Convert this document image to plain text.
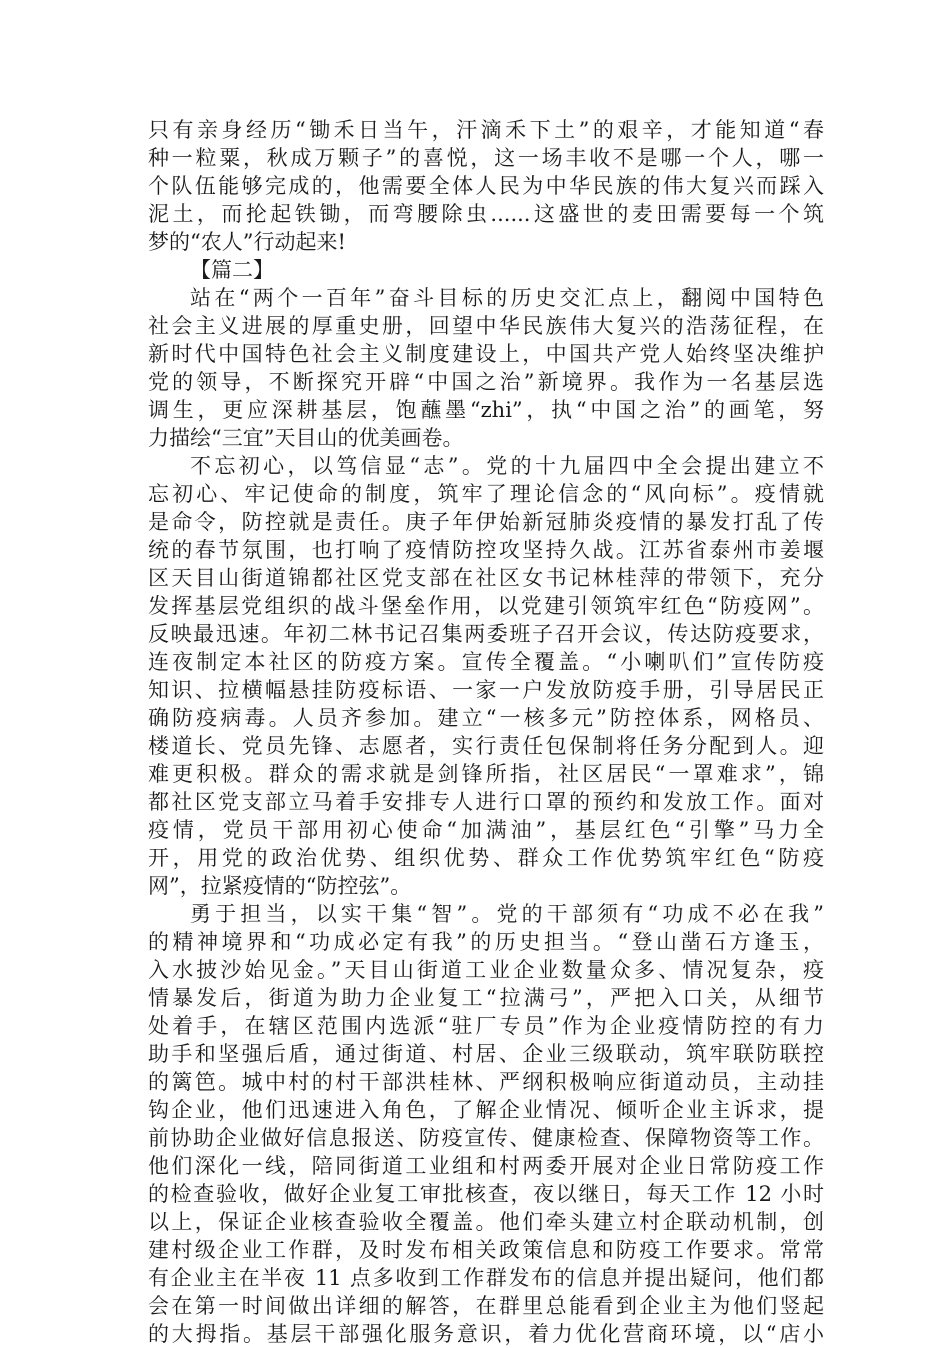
只有亲身经历“锄禾日当午，汗滴禾下土”的艰辛，才能知道“春
种一粒粟，秋成万颗子”的喜悦，这一场丰收不是哪一个人，哪一
个队伍能够完成的，他需要全体人民为中华民族的伟大复兴而踩入
泥土，而抡起铁锄，而弯腰除虫......这盛世的麦田需要每一个筑
梦的“农人”行动起来!
【篇二】
站在“两个一百年”奋斗目标的历史交汇点上，翻阅中国特色
社会主义进展的厚重史册，回望中华民族伟大复兴的浩荡征程，在
新时代中国特色社会主义制度建设上，中国共产党人始终坚决维护
党的领导，不断探究开辟“中国之治”新境界。我作为一名基层选
调生，更应深耕基层，饱蘸墨“zhi”，执“中国之治”的画笔，努
力描绘“三宜”天目山的优美画卷。
不忘初心，以笃信显“志”。党的十九届四中全会提出建立不
忘初心、牢记使命的制度，筑牢了理论信念的“风向标”。疫情就
是命令，防控就是责任。庚子年伊始新冠肺炎疫情的暴发打乱了传
统的春节氛围，也打响了疫情防控攻坚持久战。江苏省泰州市姜堰
区天目山街道锦都社区党支部在社区女书记林桂萍的带领下，充分
发挥基层党组织的战斗堡垒作用，以党建引领筑牢红色“防疫网”。
反映最迅速。年初二林书记召集两委班子召开会议，传达防疫要求，
连夜制定本社区的防疫方案。宣传全覆盖。“小喇叭们”宣传防疫
知识、拉横幅悬挂防疫标语、一家一户发放防疫手册，引导居民正
确防疫病毒。人员齐参加。建立“一核多元”防控体系，网格员、
楼道长、党员先锋、志愿者，实行责任包保制将任务分配到人。迎
难更积极。群众的需求就是剑锋所指，社区居民“一罩难求”，锦
都社区党支部立马着手安排专人进行口罩的预约和发放工作。面对
疫情，党员干部用初心使命“加满油”，基层红色“引擎”马力全
开，用党的政治优势、组织优势、群众工作优势筑牢红色“防疫
网”，拉紧疫情的“防控弦”。
勇于担当，以实干集“智”。党的干部须有“功成不必在我”
的精神境界和“功成必定有我”的历史担当。“登山凿石方逢玉，
入水披沙始见金。”天目山街道工业企业数量众多、情况复杂，疫
情暴发后，街道为助力企业复工“拉满弓”，严把入口关，从细节
处着手，在辖区范围内选派“驻厂专员”作为企业疫情防控的有力
助手和坚强后盾，通过街道、村居、企业三级联动，筑牢联防联控
的篱笆。城中村的村干部洪桂林、严纲积极响应街道动员，主动挂
钩企业，他们迅速进入角色，了解企业情况、倾听企业主诉求，提
前协助企业做好信息报送、防疫宣传、健康检查、保障物资等工作。
他们深化一线，陪同街道工业组和村两委开展对企业日常防疫工作
的检查验收，做好企业复工审批核查，夜以继日，每天工作 12 小时
以上，保证企业核查验收全覆盖。他们牵头建立村企联动机制，创
建村级企业工作群，及时发布相关政策信息和防疫工作要求。常常
有企业主在半夜 11 点多收到工作群发布的信息并提出疑问，他们都
会在第一时间做出详细的解答，在群里总能看到企业主为他们竖起
的大拇指。基层干部强化服务意识，着力优化营商环境，以“店小
